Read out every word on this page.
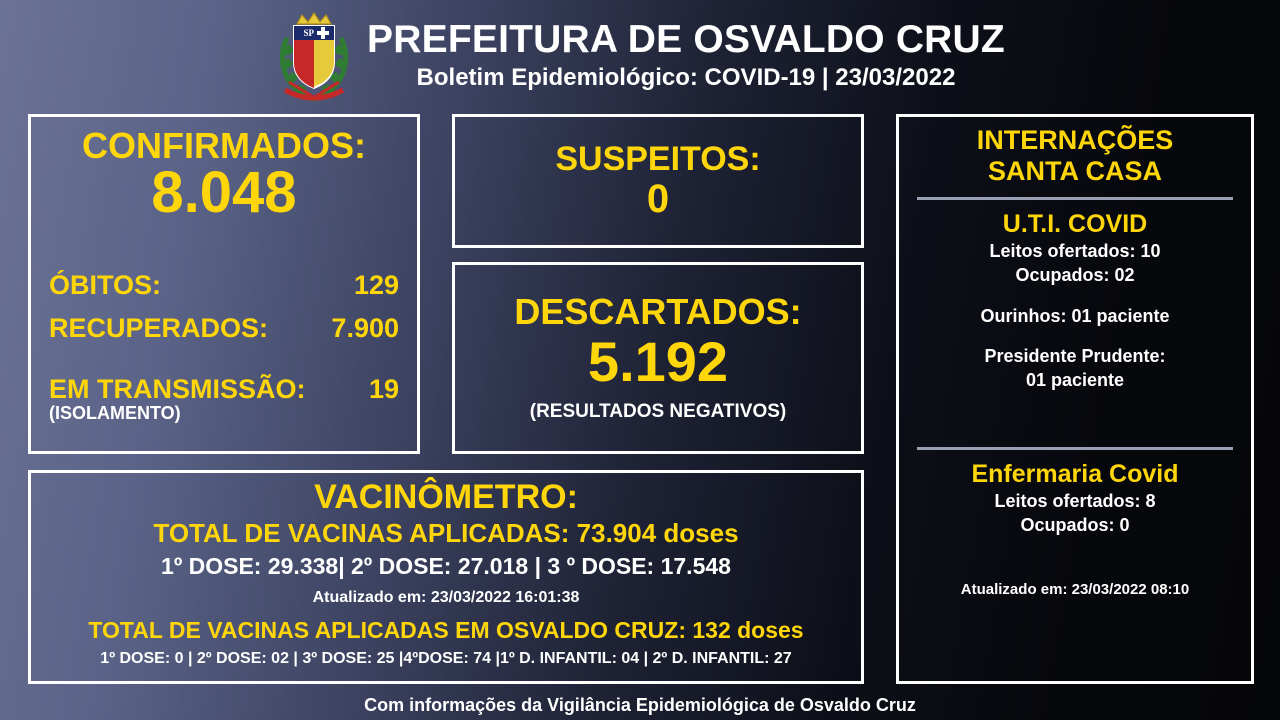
SP PREFEITURA DE OSVALDO CRUZ
Boletim Epidemiológico: COVID-19 | 23/03/2022
CONFIRMADOS:
8.048
ÓBITOS:	129
RECUPERADOS: 7.900
EM TRANSMISSÃO: 19
(ISOLAMENTO)
SUSPEITOS:
0
DESCARTADOS:
5.192
(RESULTADOS NEGATIVOS)
VACINÔMETRO:
TOTAL DE VACINAS APLICADAS: 73.904 doses
1º DOSE: 29.338| 2º DOSE: 27.018 | 3 º DOSE: 17.548
Atualizado em: 23/03/2022 16:01:38
TOTAL DE VACINAS APLICADAS EM OSVALDO CRUZ: 132 doses
1º DOSE: 0 | 2º DOSE: 02 | 3º DOSE: 25 |4ºDOSE: 74 |1º D. INFANTIL: 04 | 2º D. INFANTIL: 27
INTERNAÇÕES
SANTA CASA
U.T.I. COVID
Leitos ofertados: 10
Ocupados: 02
Ourinhos: 01 paciente
Presidente Prudente:
01 paciente
Enfermaria Covid
Leitos ofertados: 8
Ocupados: 0
Atualizado em: 23/03/2022 08:10
Com informações da Vigilância Epidemiológica de Osvaldo Cruz
